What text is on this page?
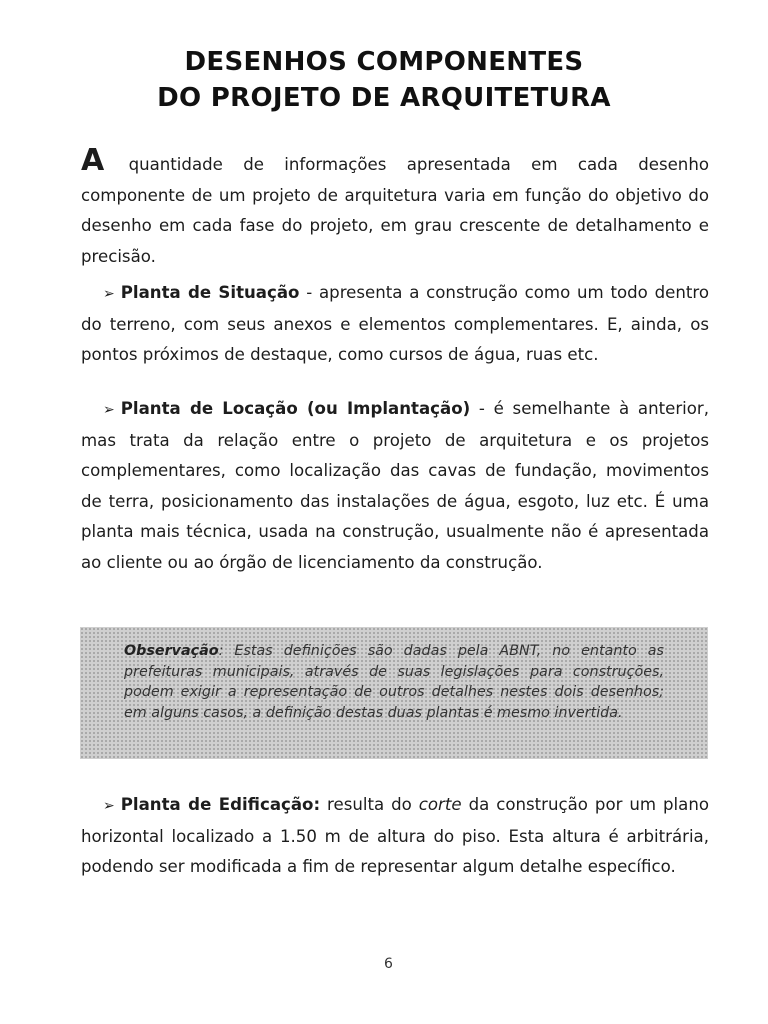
DESENHOS COMPONENTES
DO PROJETO DE ARQUITETURA

A quantidade de informações apresentada em cada desenho componente de um projeto de arquitetura varia em função do objetivo do desenho em cada fase do projeto, em grau crescente de detalhamento e precisão.

➢ Planta de Situação - apresenta a construção como um todo dentro do terreno, com seus anexos e elementos complementares. E, ainda, os pontos próximos de destaque, como cursos de água, ruas etc.

➢ Planta de Locação (ou Implantação) - é semelhante à anterior, mas trata da relação entre o projeto de arquitetura e os projetos complementares, como localização das cavas de fundação, movimentos de terra, posicionamento das instalações de água, esgoto, luz etc. É uma planta mais técnica, usada na construção, usualmente não é apresentada ao cliente ou ao órgão de licenciamento da construção.

Observação: Estas definições são dadas pela ABNT, no entanto as prefeituras municipais, através de suas legislações para construções, podem exigir a representação de outros detalhes nestes dois desenhos; em alguns casos, a definição destas duas plantas é mesmo invertida.

➢ Planta de Edificação: resulta do corte da construção por um plano horizontal localizado a 1.50 m de altura do piso. Esta altura é arbitrária, podendo ser modificada a fim de representar algum detalhe específico.

6
